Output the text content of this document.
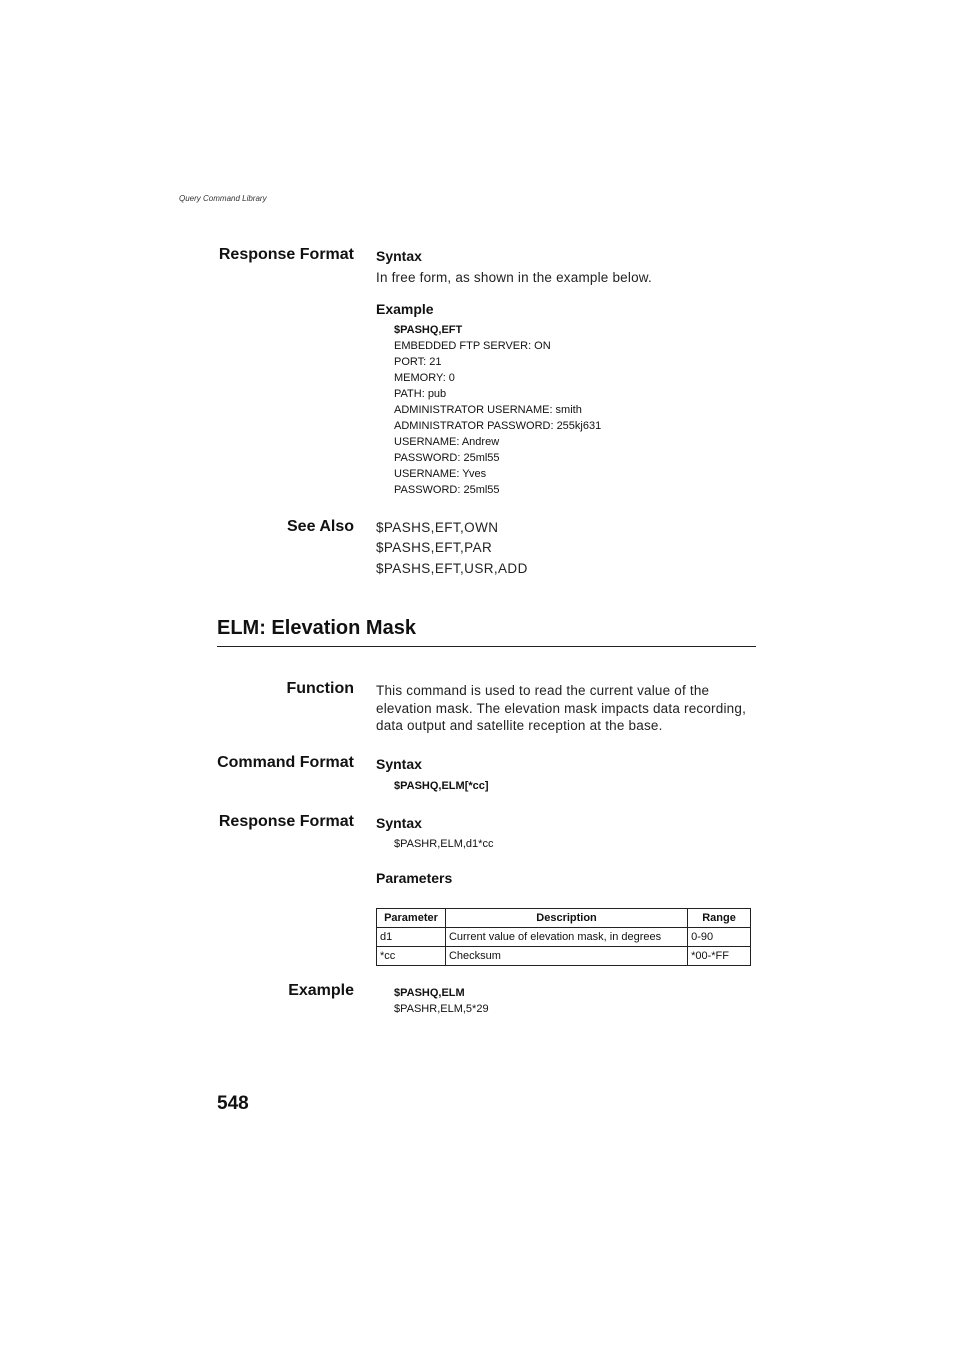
Query Command Library
Response Format Syntax
In free form, as shown in the example below.
Example
$PASHQ,EFT
EMBEDDED FTP SERVER: ON
PORT: 21
MEMORY: 0
PATH: pub
ADMINISTRATOR USERNAME: smith
ADMINISTRATOR PASSWORD: 255kj631
USERNAME: Andrew
PASSWORD: 25ml55
USERNAME: Yves
PASSWORD: 25ml55
See Also $PASHS,EFT,OWN
$PASHS,EFT,PAR
$PASHS,EFT,USR,ADD
ELM: Elevation Mask
Function This command is used to read the current value of the
elevation mask. The elevation mask impacts data recording,
data output and satellite reception at the base.
Command Format Syntax
$PASHQ,ELM[*cc]
Response Format Syntax
$PASHR,ELM,d1*cc
Parameters
Parameter	Description	Range
d1	Current value of elevation mask, in degrees	0-90
*cc	Checksum	*00-*FF
Example	$PASHQ,ELM
$PASHR,ELM,5*29
548
